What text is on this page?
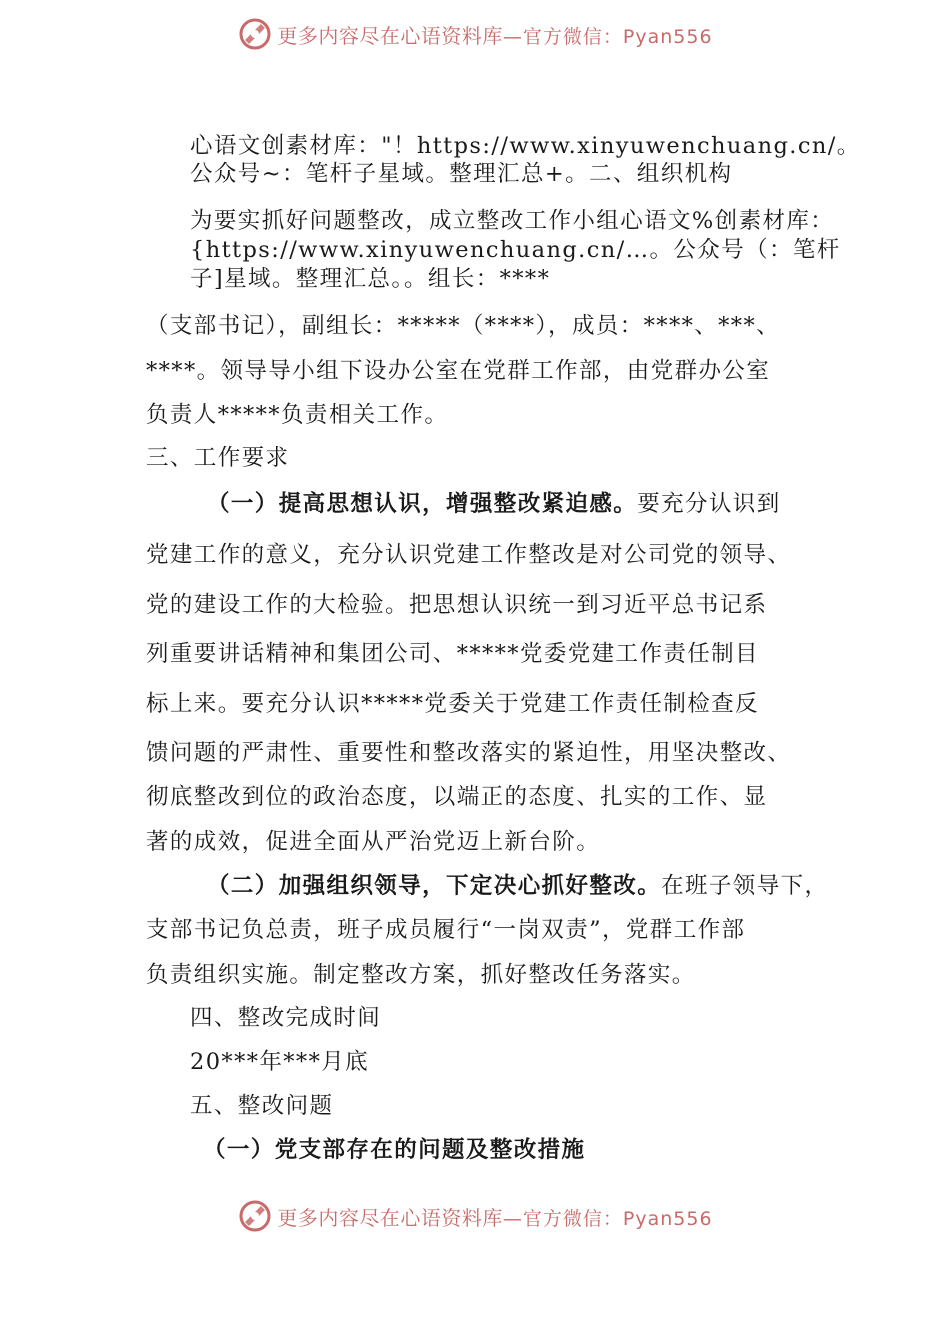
更多内容尽在心语资料库—官方微信：Pyan556
心语文创素材库："！https://www.xinyuwenchuang.cn/。
公众号~：笔杆子星域。整理汇总+。二、组织机构
为要实抓好问题整改，成立整改工作小组心语文%创素材库：
{https://www.xinyuwenchuang.cn/…。公众号（：笔杆
子]星域。整理汇总。。组长：****
（支部书记），副组长：*****（****），成员：****、***、
****。领导导小组下设办公室在党群工作部，由党群办公室
负责人*****负责相关工作。
三、工作要求
（一）提高思想认识，增强整改紧迫感。要充分认识到
党建工作的意义，充分认识党建工作整改是对公司党的领导、
党的建设工作的大检验。把思想认识统一到习近平总书记系
列重要讲话精神和集团公司、*****党委党建工作责任制目
标上来。要充分认识*****党委关于党建工作责任制检查反
馈问题的严肃性、重要性和整改落实的紧迫性，用坚决整改、
彻底整改到位的政治态度，以端正的态度、扎实的工作、显
著的成效，促进全面从严治党迈上新台阶。
（二）加强组织领导，下定决心抓好整改。在班子领导下，
支部书记负总责，班子成员履行“一岗双责”，党群工作部
负责组织实施。制定整改方案，抓好整改任务落实。
四、整改完成时间
20***年***月底
五、整改问题
（一）党支部存在的问题及整改措施
更多内容尽在心语资料库—官方微信：Pyan556
